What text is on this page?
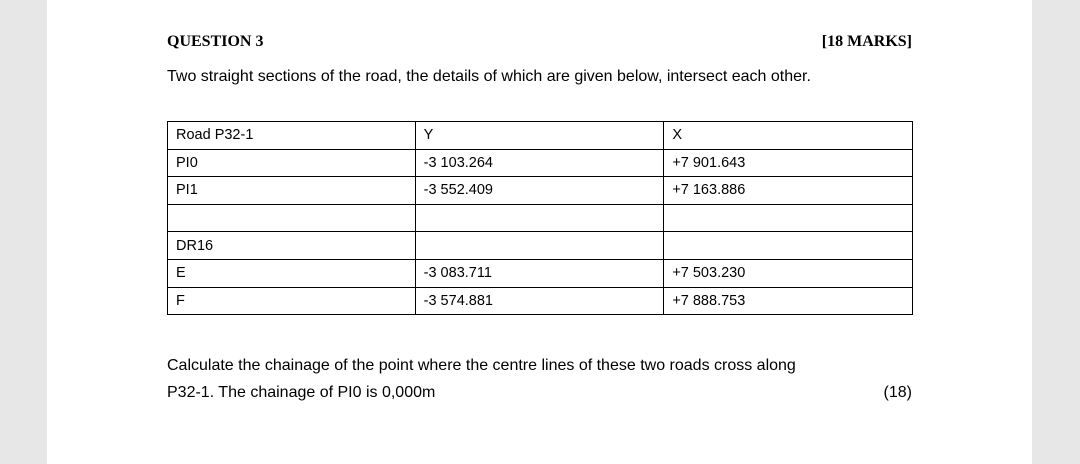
QUESTION 3	[18 MARKS]
Two straight sections of the road, the details of which are given below, intersect each other.
Road P32-1	Y	X
PI0	-3 103.264	+7 901.643
PI1	-3 552.409	+7 163.886

DR16		
E	-3 083.711	+7 503.230
F	-3 574.881	+7 888.753
Calculate the chainage of the point where the centre lines of these two roads cross along
P32-1. The chainage of PI0 is 0,000m	(18)
